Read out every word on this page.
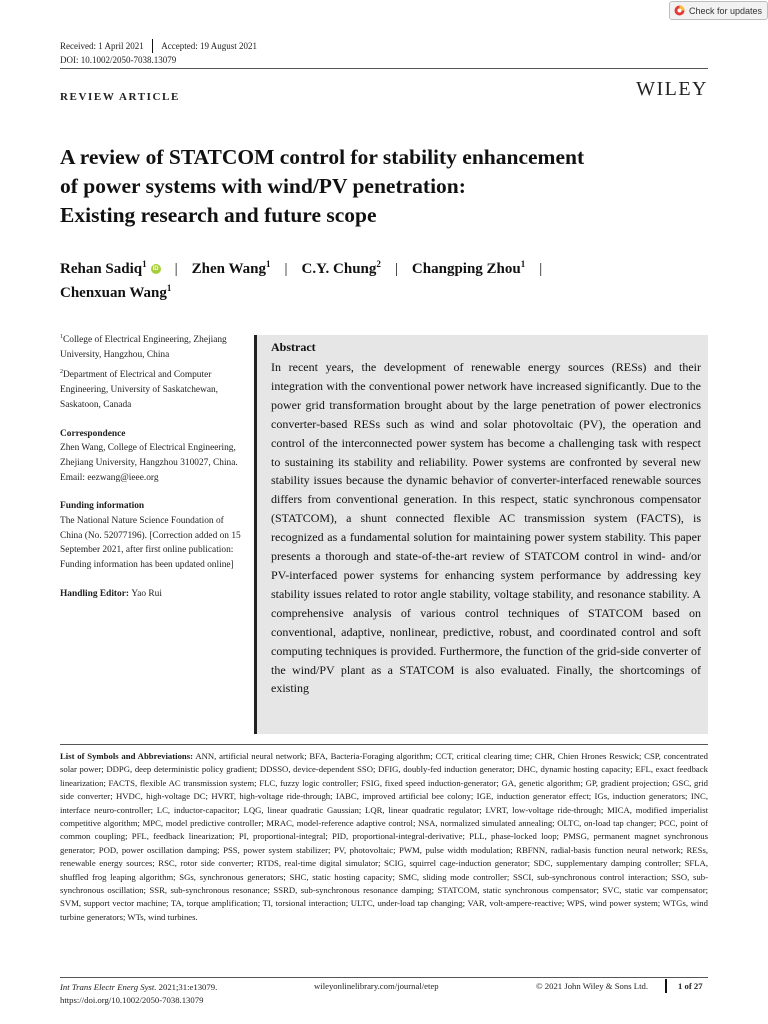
Check for updates
Received: 1 April 2021 Accepted: 19 August 2021
DOI: 10.1002/2050-7038.13079
REVIEW ARTICLE	WILEY
A review of STATCOM control for stability enhancement
of power systems with wind/PV penetration:
Existing research and future scope
Rehan Sadiq$^1$	iD | Zhen Wang$^1$ | C.Y. Chung$^2$ | Changping Zhou$^1$ |
Chenxuan Wang$^1$

$^1$College of Electrical Engineering, Zhejiang University, Hangzhou, China

$^2$Department of Electrical and Computer Engineering, University of Saskatchewan, Saskatoon, Canada

Correspondence

Zhen Wang, College of Electrical Engineering, Zhejiang University, Hangzhou 310027, China.

Email: eezwang@ieee.org

Funding information

The National Nature Science Foundation of China (No. 52077196). [Correction added on 15 September 2021, after first online publication: Funding information has been updated online]

Handling Editor: Yao Rui

Abstract
In recent years, the development of renewable energy sources (RESs) and their integration with the conventional power network have increased significantly. Due to the power grid transformation brought about by the large penetration of power electronics converter-based RESs such as wind and solar photovoltaic (PV), the operation and control of the interconnected power system has become a challenging task with respect to sustaining its stability and reliability. Power systems are confronted by several new stability issues because the dynamic behavior of converter-interfaced renewable sources differs from conventional generation. In this respect, static synchronous compensator (STATCOM), a shunt connected flexible AC transmission system (FACTS), is recognized as a fundamental solution for maintaining power system stability. This paper presents a thorough and state-of-the-art review of STATCOM control in wind- and/or PV-interfaced power systems for enhancing system performance by addressing key stability issues related to rotor angle stability, voltage stability, and resonance stability. A comprehensive analysis of various control techniques of STATCOM based on conventional, adaptive, nonlinear, predictive, robust, and coordinated control and soft computing techniques is provided. Furthermore, the function of the grid-side converter of the wind/PV plant as a STATCOM is also evaluated. Finally, the shortcomings of existing
List of Symbols and Abbreviations: ANN, artificial neural network; BFA, Bacteria-Foraging algorithm; CCT, critical clearing time; CHR, Chien Hrones Reswick; CSP, concentrated solar power; DDPG, deep deterministic policy gradient; DDSSO, device-dependent SSO; DFIG, doubly-fed induction generator; DHC, dynamic hosting capacity; EFL, exact feedback linearization; FACTS, flexible AC transmission system; FLC, fuzzy logic controller; FSIG, fixed speed induction-generator; GA, genetic algorithm; GP, gradient projection; GSC, grid side converter; HVDC, high-voltage DC; HVRT, high-voltage ride-through; IABC, improved artificial bee colony; IGE, induction generator effect; IGs, induction generators; INC, interface neuro-controller; LC, inductor-capacitor; LQG, linear quadratic Gaussian; LQR, linear quadratic regulator; LVRT, low-voltage ride-through; MICA, modified imperialist competitive algorithm; MPC, model predictive controller; MRAC, model-reference adaptive control; NSA, normalized simulated annealing; OLTC, on-load tap changer; PCC, point of common coupling; PFL, feedback linearization; PI, proportional-integral; PID, proportional-integral-derivative; PLL, phase-locked loop; PMSG, permanent magnet synchronous generator; POD, power oscillation damping; PSS, power system stabilizer; PV, photovoltaic; PWM, pulse width modulation; RBFNN, radial-basis function neural network; RESs, renewable energy sources; RSC, rotor side converter; RTDS, real-time digital simulator; SCIG, squirrel cage-induction generator; SDC, supplementary damping controller; SFLA, shuffled frog leaping algorithm; SGs, synchronous generators; SHC, static hosting capacity; SMC, sliding mode controller; SSCI, sub-synchronous control interaction; SSO, sub-synchronous oscillation; SSR, sub-synchronous resonance; SSRD, sub-synchronous resonance damping; STATCOM, static synchronous compensator; SVC, static var compensator; SVM, support vector machine; TA, torque amplification; TI, torsional interaction; ULTC, under-load tap changing; VAR, volt-ampere-reactive; WPS, wind power system; WTGs, wind turbine generators; WTs, wind turbines.
Int Trans Electr Energ Syst. 2021;31:e13079.
https://doi.org/10.1002/2050-7038.13079
wileyonlinelibrary.com/journal/etep	© 2021 John Wiley & Sons Ltd.	1 of 27
